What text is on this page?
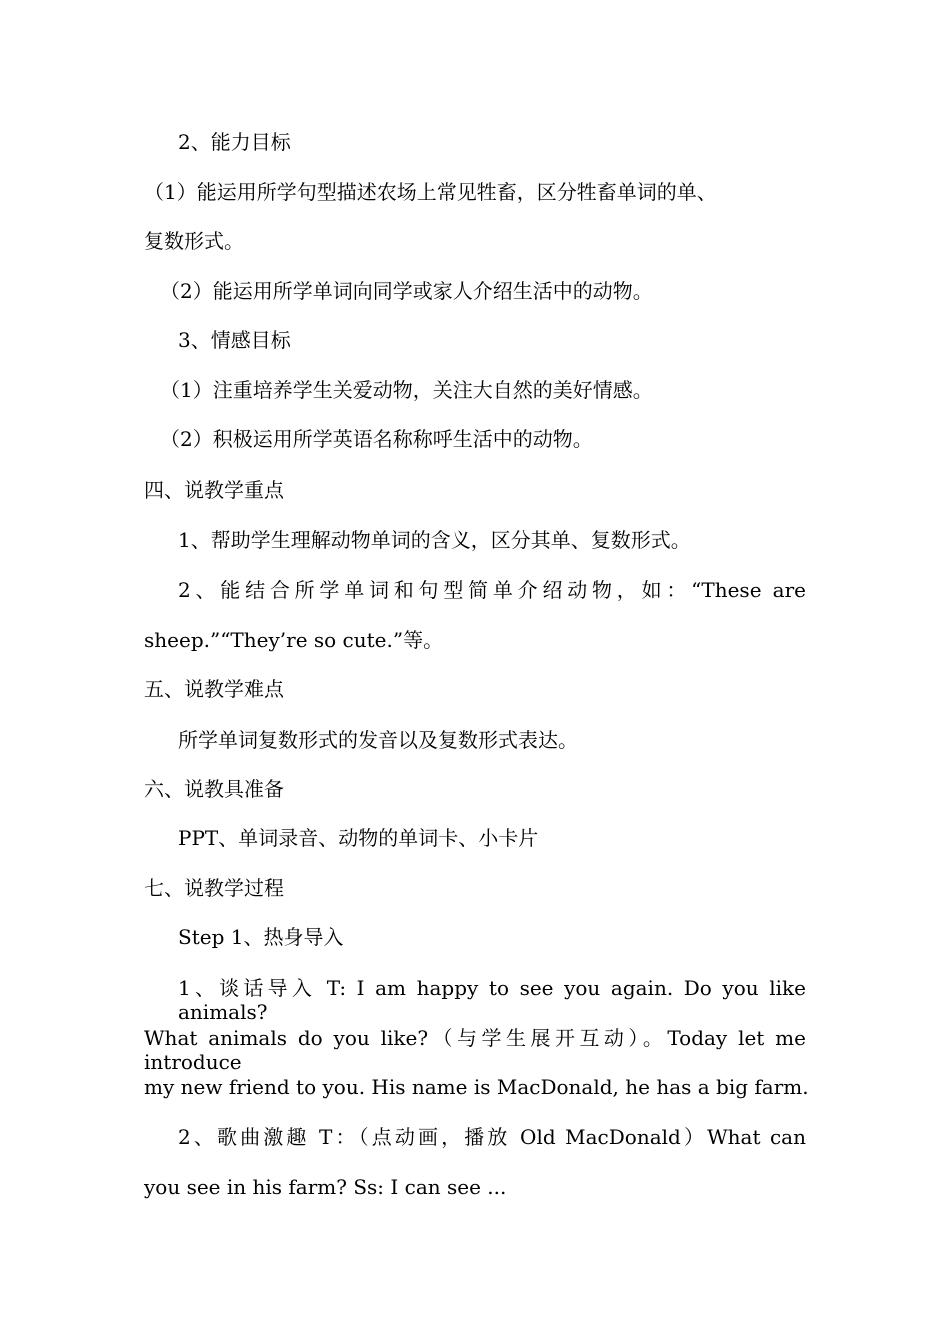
2、能力目标
（1）能运用所学句型描述农场上常见牲畜，区分牲畜单词的单、
复数形式。
（2）能运用所学单词向同学或家人介绍生活中的动物。
3、情感目标
（1）注重培养学生关爱动物，关注大自然的美好情感。
（2）积极运用所学英语名称称呼生活中的动物。
四、说教学重点
1、帮助学生理解动物单词的含义，区分其单、复数形式。
2、能结合所学单词和句型简单介绍动物，如：“These are
sheep.”“They’re so cute.”等。
五、说教学难点
所学单词复数形式的发音以及复数形式表达。
六、说教具准备
PPT、单词录音、动物的单词卡、小卡片
七、说教学过程
Step 1、热身导入
1、谈话导入 T: I am happy to see you again. Do you like animals?
What animals do you like?（与学生展开互动）。Today let me introduce
my new friend to you. His name is MacDonald, he has a big farm.
2、歌曲激趣 T：（点动画，播放 Old MacDonald）What can
you see in his farm? Ss: I can see ...
